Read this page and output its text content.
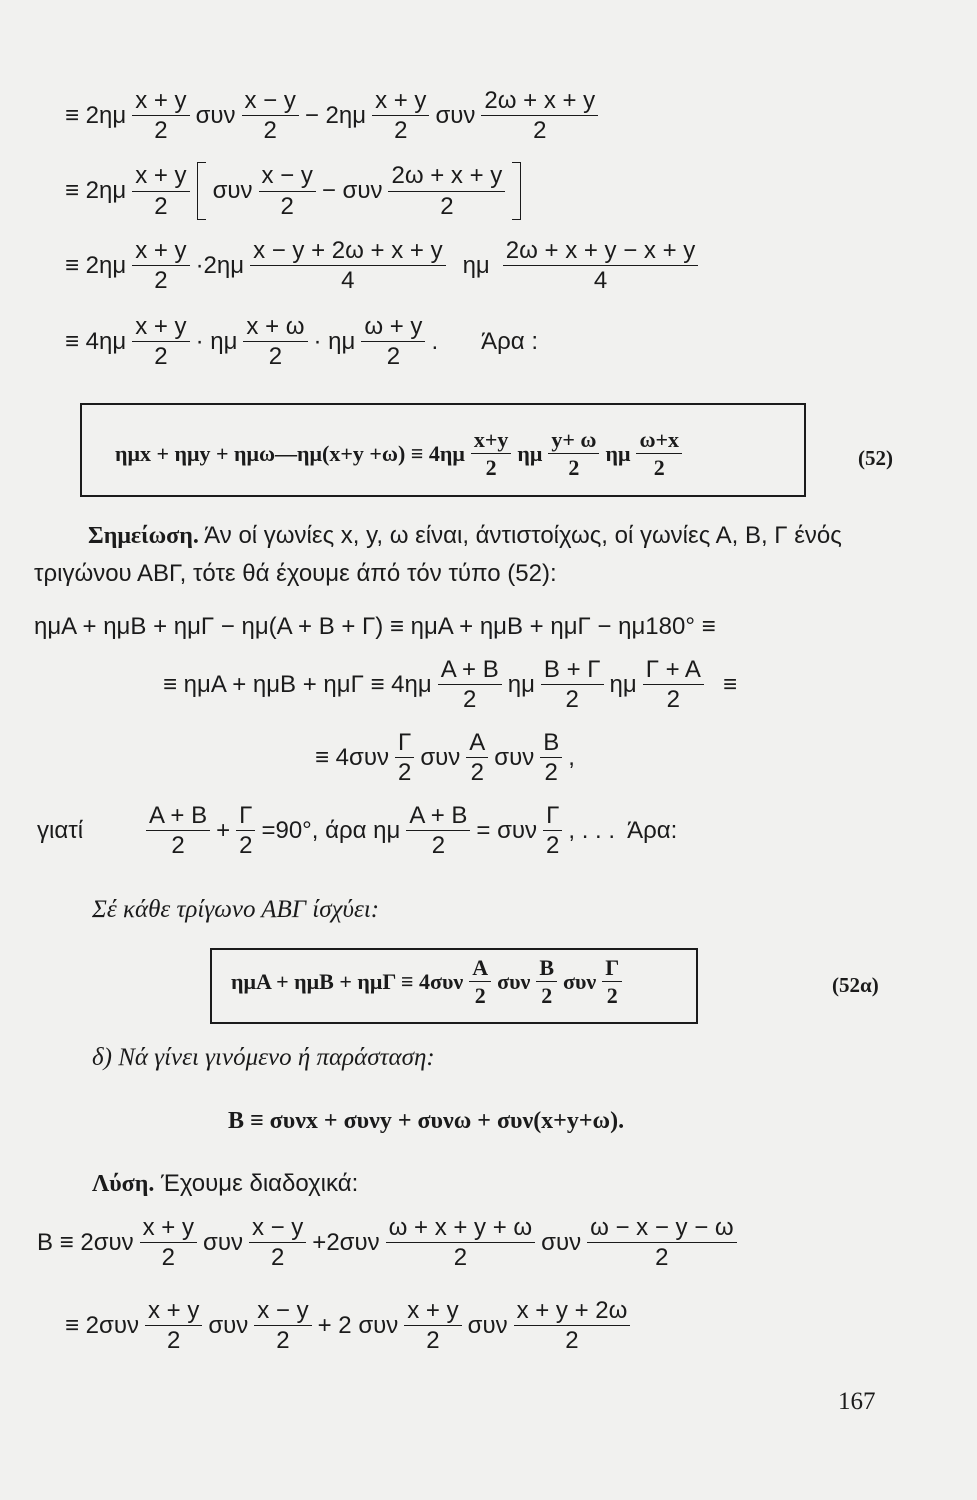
≡ $2\eta\mu \frac{x + y}{2}$ συν $\frac{x - y}{2} - 2\eta\mu \frac{x + y}{2}$ συν $\frac{2\omega + x + y}{2}$
≡ $2\eta\mu \frac{x + y}{2}$ συν $\frac{x - y}{2} - \sigma\upsilon\nu \frac{2\omega + x + y}{2}$
≡ $2\eta\mu \frac{x + y}{2} \cdot 2\eta\mu \frac{x - y + 2\omega + x + y}{4}$ ημ $\frac{2\omega + x + y - x + y}{4}$
≡ $4\eta\mu \frac{x + y}{2} \cdot \eta\mu \frac{x + \omega}{2} \cdot \eta\mu \frac{\omega + y}{2}$ . Άρα :
ημx + ημy + ημω—ημ(x+y $+\omega) \equiv 4\eta\mu \frac{x+y}{2}$ ημ $\frac{y+ \omega}{2}$ ημ $\frac{\omega+x}{2}$	(52)
Σημείωση. Άν οί γωνίες x, y, ω είναι, άντιστοίχως, οί γωνίες Α, Β, Γ ένός
τριγώνου ΑΒΓ, τότε θά έχουμε άπό τόν τύπο (52):
ημΑ + ημΒ + ημΓ − ημ(Α + Β + Γ) ≡ ημΑ + ημΒ + ημΓ − ημ180° ≡
≡ $\eta\mu A + \eta\mu B + \eta\mu\Gamma \equiv 4\eta\mu \frac{A + B}{2}$ ημ $\frac{B + \Gamma}{2}$ ημ $\frac{\Gamma + A}{2}$ ≡
≡ $4\sigma\upsilon\nu \frac{\Gamma}{2}$ συν $\frac{A}{2}$ συν $\frac{B}{2}$ ,
γιατί	$\frac{A + B}{2} + \frac{\Gamma}{2} =90^\circ$, άρα ημ $\frac{A + B}{2} = \sigma\upsilon\nu \frac{\Gamma}{2}$ , . . .  Άρα:
Σέ κάθε τρίγωνο ΑΒΓ ίσχύει:
$\eta\mu A + \eta\mu B + \eta\mu\Gamma \equiv 4\sigma\upsilon\nu \frac{A}{2}$ συν $\frac{B}{2}$ συν $\frac{\Gamma}{2}$	(52α)
δ) Νά γίνει γινόμενο ή παράσταση:
Β ≡ συνx + συνy + συνω + συν(x+y+ω).
Λύση. Έχουμε διαδοχικά:
$B \equiv 2\sigma\upsilon\nu \frac{x + y}{2}$ συν $\frac{x - y}{2} +2\sigma\upsilon\nu \frac{\omega + x + y + \omega}{2}$ συν $\frac{\omega - x - y - \omega}{2}$
≡ $2\sigma\upsilon\nu \frac{x + y}{2}$ συν $\frac{x - y}{2} + 2$ συν $\frac{x + y}{2}$ συν $\frac{x + y + 2\omega}{2}$
167
